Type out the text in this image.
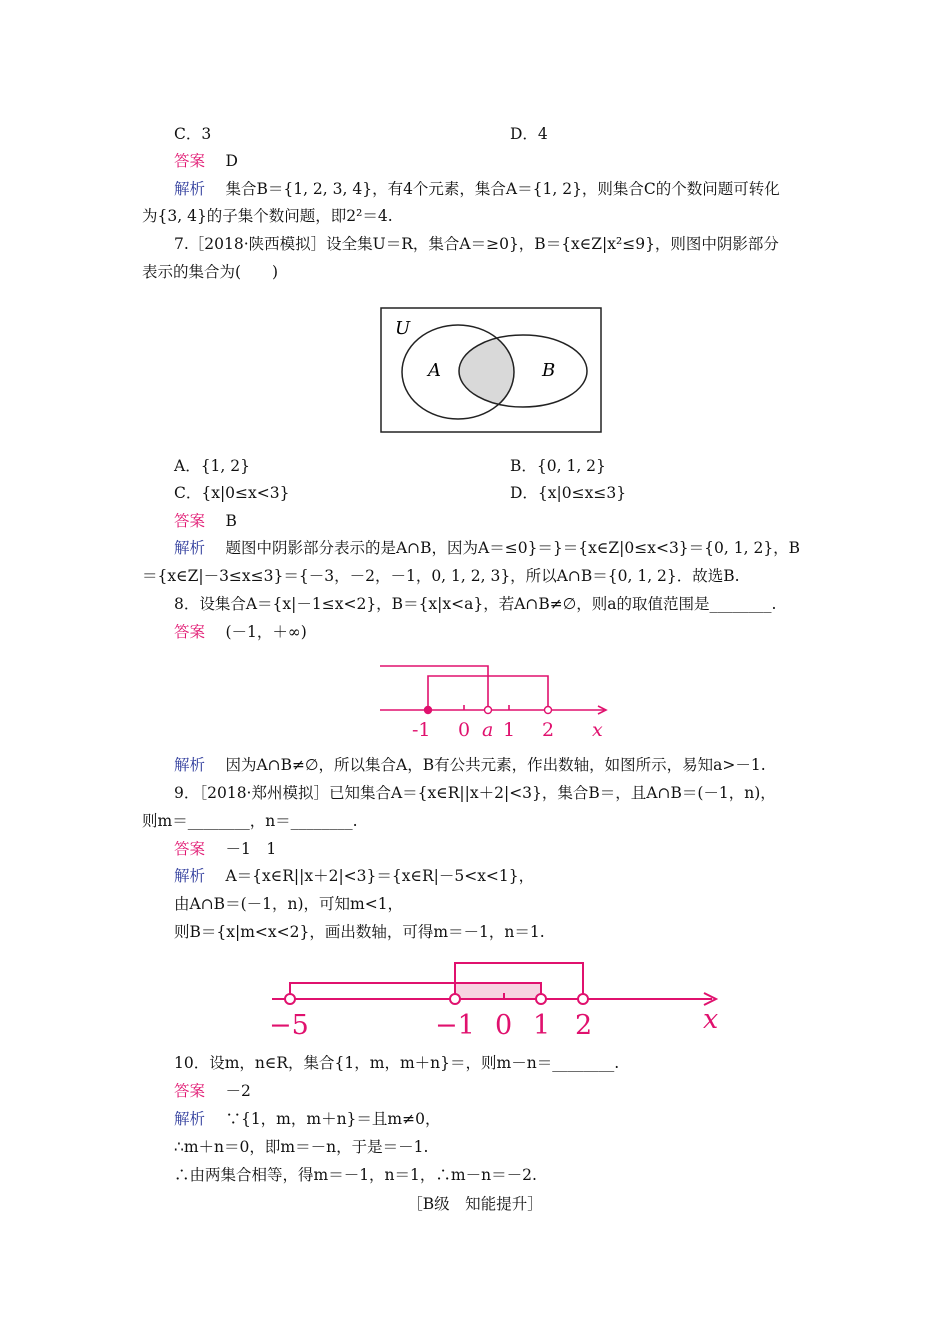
C．3	D．4
答案　 D
解析　 集合B＝{1, 2, 3, 4}，有4个元素，集合A＝{1, 2}，则集合C的个数问题可转化
为{3, 4}的子集个数问题，即2²＝4.
7.［2018·陕西模拟］设全集U＝R，集合A＝≥0}，B＝{x∈Z|x²≤9}，则图中阴影部分
表示的集合为(　　)
U
A	B
A．{1, 2}	B．{0, 1, 2}
C．{x|0≤x<3}	D．{x|0≤x≤3}
答案　 B
解析　 题图中阴影部分表示的是A∩B，因为A＝≤0}＝}＝{x∈Z|0≤x<3}＝{0, 1, 2}，B
＝{x∈Z|－3≤x≤3}＝{－3，－2，－1，0, 1, 2, 3}，所以A∩B＝{0, 1, 2}．故选B.
8．设集合A＝{x|－1≤x<2}，B＝{x|x<a}，若A∩B≠∅，则a的取值范围是________.
答案　 (－1，＋∞)
-1 0 a 1 2 x
解析　 因为A∩B≠∅，所以集合A，B有公共元素，作出数轴，如图所示，易知a>－1.
9．［2018·郑州模拟］已知集合A＝{x∈R||x＋2|<3}，集合B＝，且A∩B＝(－1，n)，
则m＝________，n＝________.
答案　 －1　1
解析　 A＝{x∈R||x＋2|<3}＝{x∈R|－5<x<1}，
由A∩B＝(－1，n)，可知m<1，
则B＝{x|m<x<2}，画出数轴，可得m＝－1，n＝1.
−5	−1 0 1 2	x
10．设m，n∈R，集合{1，m，m＋n}＝，则m－n＝________.
答案　 －2
解析　 ∵{1，m，m＋n}＝且m≠0，
∴m＋n＝0，即m＝－n，于是＝－1.
∴由两集合相等，得m＝－1，n＝1，∴m－n＝－2.
［B级　知能提升］
